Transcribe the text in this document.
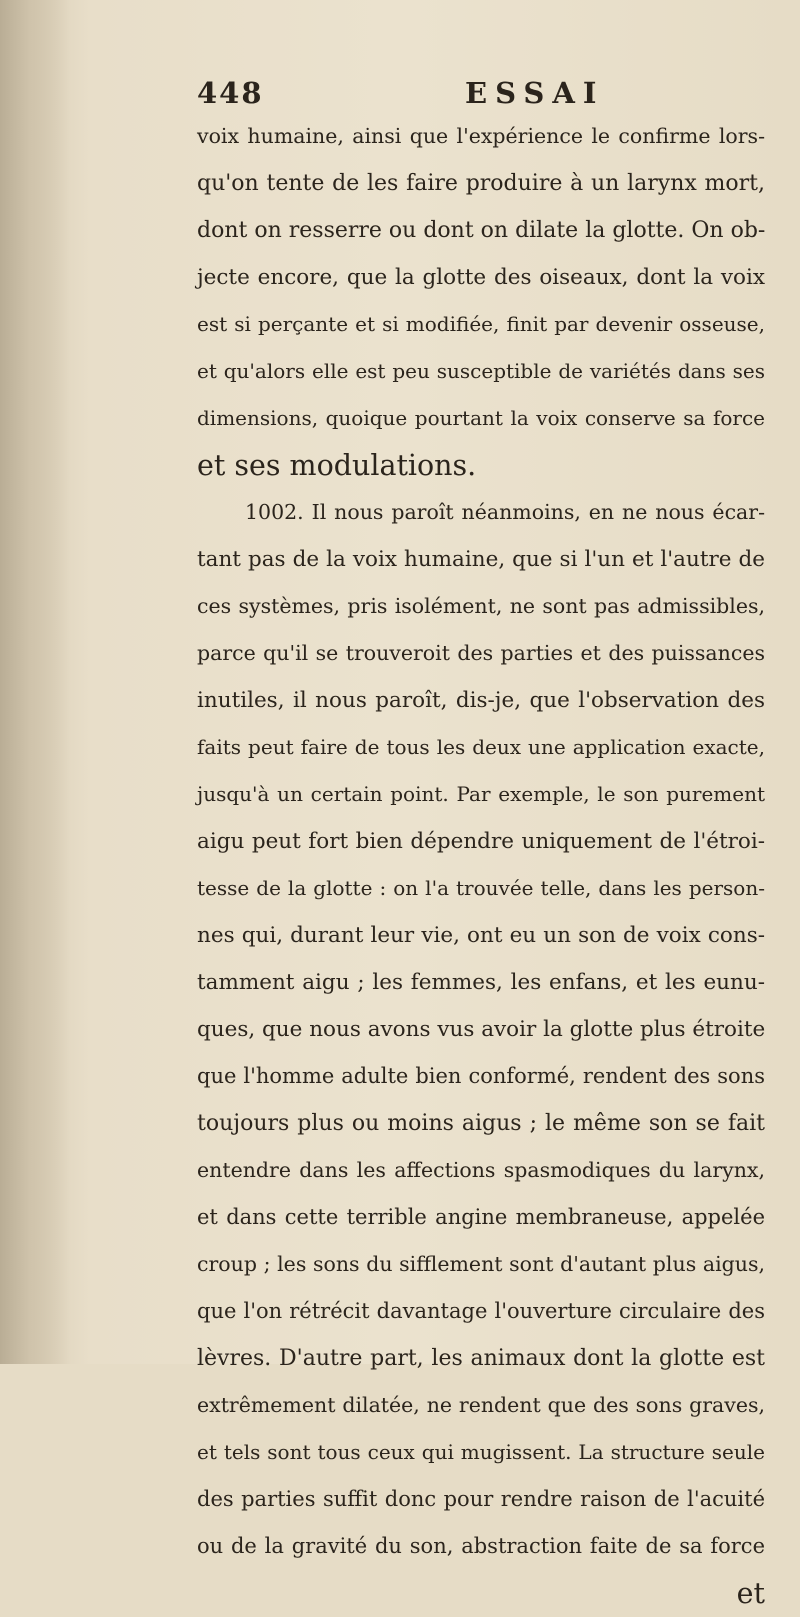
448	ESSAI
voix humaine, ainsi que l'expérience le confirme lors-
qu'on tente de les faire produire à un larynx mort,
dont on resserre ou dont on dilate la glotte. On ob-
jecte encore, que la glotte des oiseaux, dont la voix
est si perçante et si modifiée, finit par devenir osseuse,
et qu'alors elle est peu susceptible de variétés dans ses
dimensions, quoique pourtant la voix conserve sa force
et ses modulations.
1002. Il nous paroît néanmoins, en ne nous écar-
tant pas de la voix humaine, que si l'un et l'autre de
ces systèmes, pris isolément, ne sont pas admissibles,
parce qu'il se trouveroit des parties et des puissances
inutiles, il nous paroît, dis-je, que l'observation des
faits peut faire de tous les deux une application exacte,
jusqu'à un certain point. Par exemple, le son purement
aigu peut fort bien dépendre uniquement de l'étroi-
tesse de la glotte : on l'a trouvée telle, dans les person-
nes qui, durant leur vie, ont eu un son de voix cons-
tamment aigu ; les femmes, les enfans, et les eunu-
ques, que nous avons vus avoir la glotte plus étroite
que l'homme adulte bien conformé, rendent des sons
toujours plus ou moins aigus ; le même son se fait
entendre dans les affections spasmodiques du larynx,
et dans cette terrible angine membraneuse, appelée
croup ; les sons du sifflement sont d'autant plus aigus,
que l'on rétrécit davantage l'ouverture circulaire des
lèvres. D'autre part, les animaux dont la glotte est
extrêmement dilatée, ne rendent que des sons graves,
et tels sont tous ceux qui mugissent. La structure seule
des parties suffit donc pour rendre raison de l'acuité
ou de la gravité du son, abstraction faite de sa force
et
